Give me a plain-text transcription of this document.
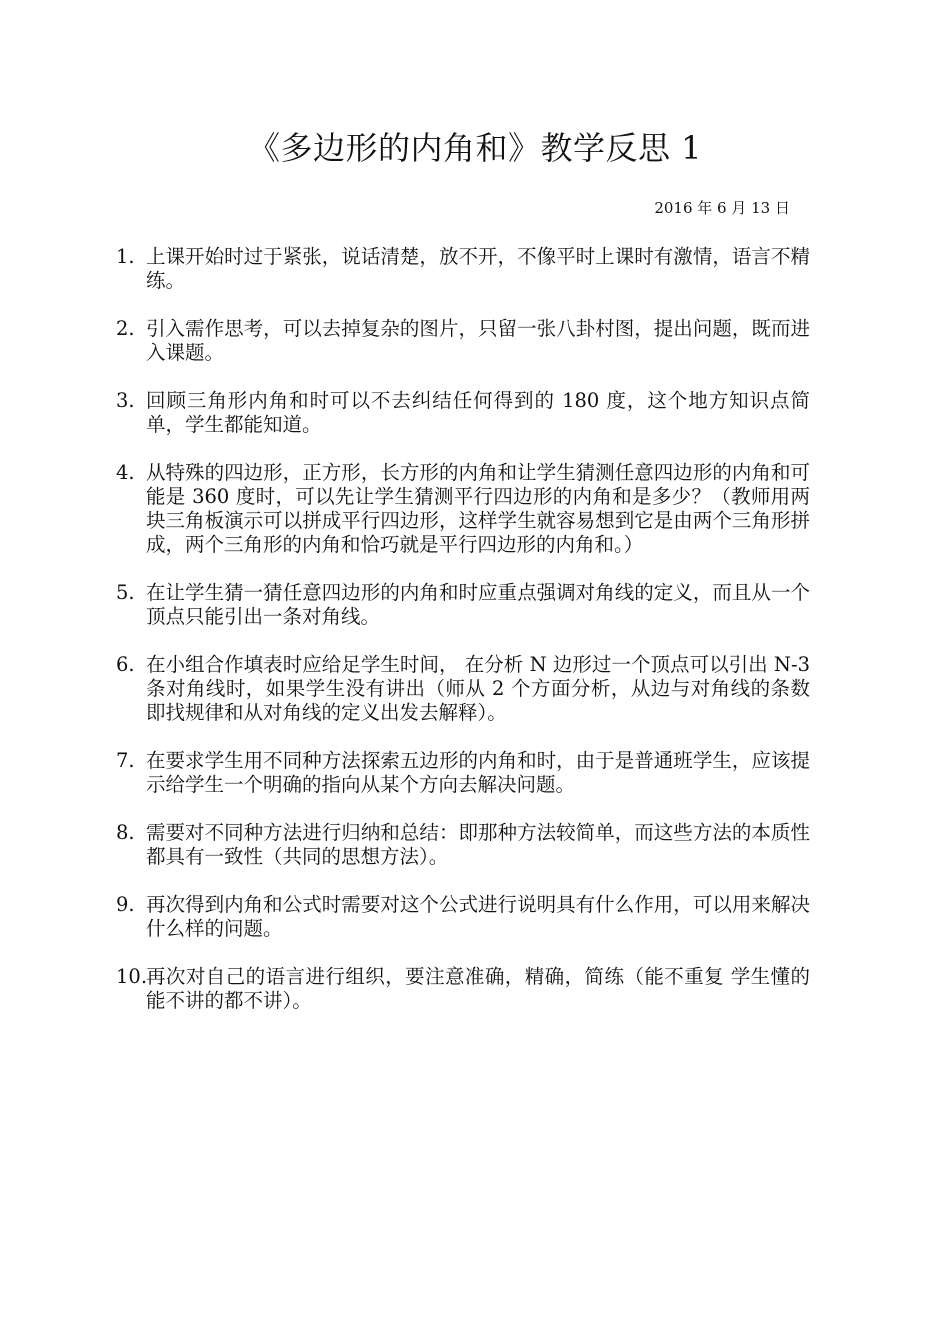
《多边形的内角和》教学反思 1

2016 年 6 月 13 日

1. 上课开始时过于紧张，说话清楚，放不开，不像平时上课时有激情，语言不精练。
2. 引入需作思考，可以去掉复杂的图片，只留一张八卦村图，提出问题，既而进入课题。
3. 回顾三角形内角和时可以不去纠结任何得到的 180 度，这个地方知识点简单，学生都能知道。
4. 从特殊的四边形，正方形，长方形的内角和让学生猜测任意四边形的内角和可能是 360 度时，可以先让学生猜测平行四边形的内角和是多少？（教师用两块三角板演示可以拼成平行四边形，这样学生就容易想到它是由两个三角形拼成，两个三角形的内角和恰巧就是平行四边形的内角和。）
5. 在让学生猜一猜任意四边形的内角和时应重点强调对角线的定义，而且从一个顶点只能引出一条对角线。
6. 在小组合作填表时应给足学生时间， 在分析 N 边形过一个顶点可以引出 N-3 条对角线时，如果学生没有讲出（师从 2 个方面分析，从边与对角线的条数即找规律和从对角线的定义出发去解释）。
7. 在要求学生用不同种方法探索五边形的内角和时，由于是普通班学生，应该提示给学生一个明确的指向从某个方向去解决问题。
8. 需要对不同种方法进行归纳和总结：即那种方法较简单，而这些方法的本质性都具有一致性（共同的思想方法）。
9. 再次得到内角和公式时需要对这个公式进行说明具有什么作用，可以用来解决什么样的问题。
10.
再次对自己的语言进行组织，要注意准确，精确，简练（能不重复 学生懂的能不讲的都不讲）。
